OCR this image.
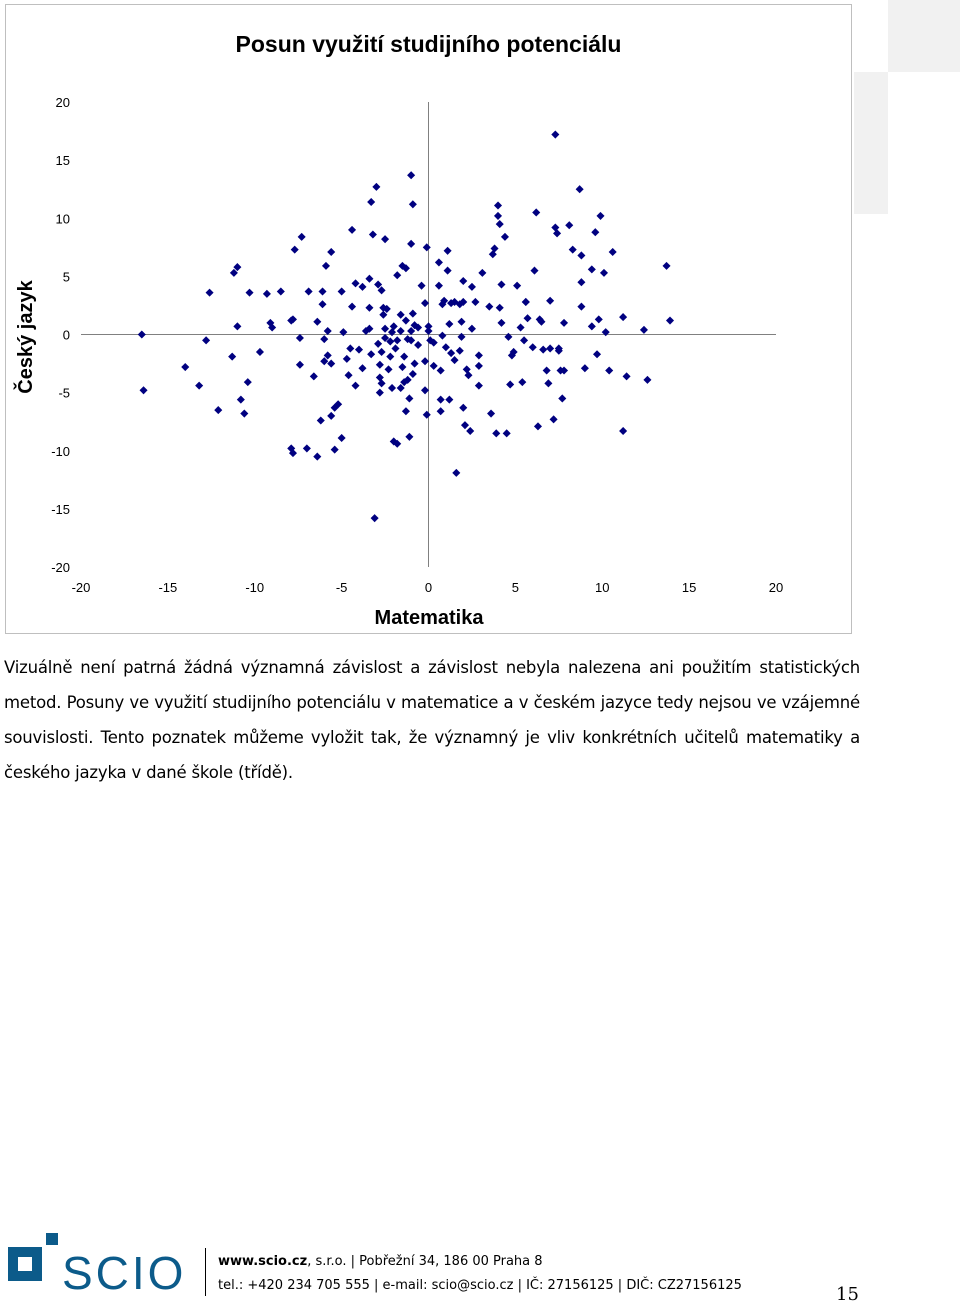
Posun využití studijního potenciálu
Český jazyk
Matematika
20
15
10
5
0
-5
-10
-15
-20
-20	-15	-10	-5	0	5	10	15	20
Vizuálně není patrná žádná významná závislost a závislost nebyla nalezena ani použitím statistických metod. Posuny ve využití studijního potenciálu v matematice a v českém jazyce tedy nejsou ve vzájemné souvislosti. Tento poznatek můžeme vyložit tak, že významný je vliv konkrétních učitelů matematiky a českého jazyka v dané škole (třídě).
SCIO www.scio.cz, s.r.o. | Pobřežní 34, 186 00 Praha 8
tel.: +420 234 705 555 | e-mail: scio@scio.cz | IČ: 27156125 | DIČ: CZ27156125	15
